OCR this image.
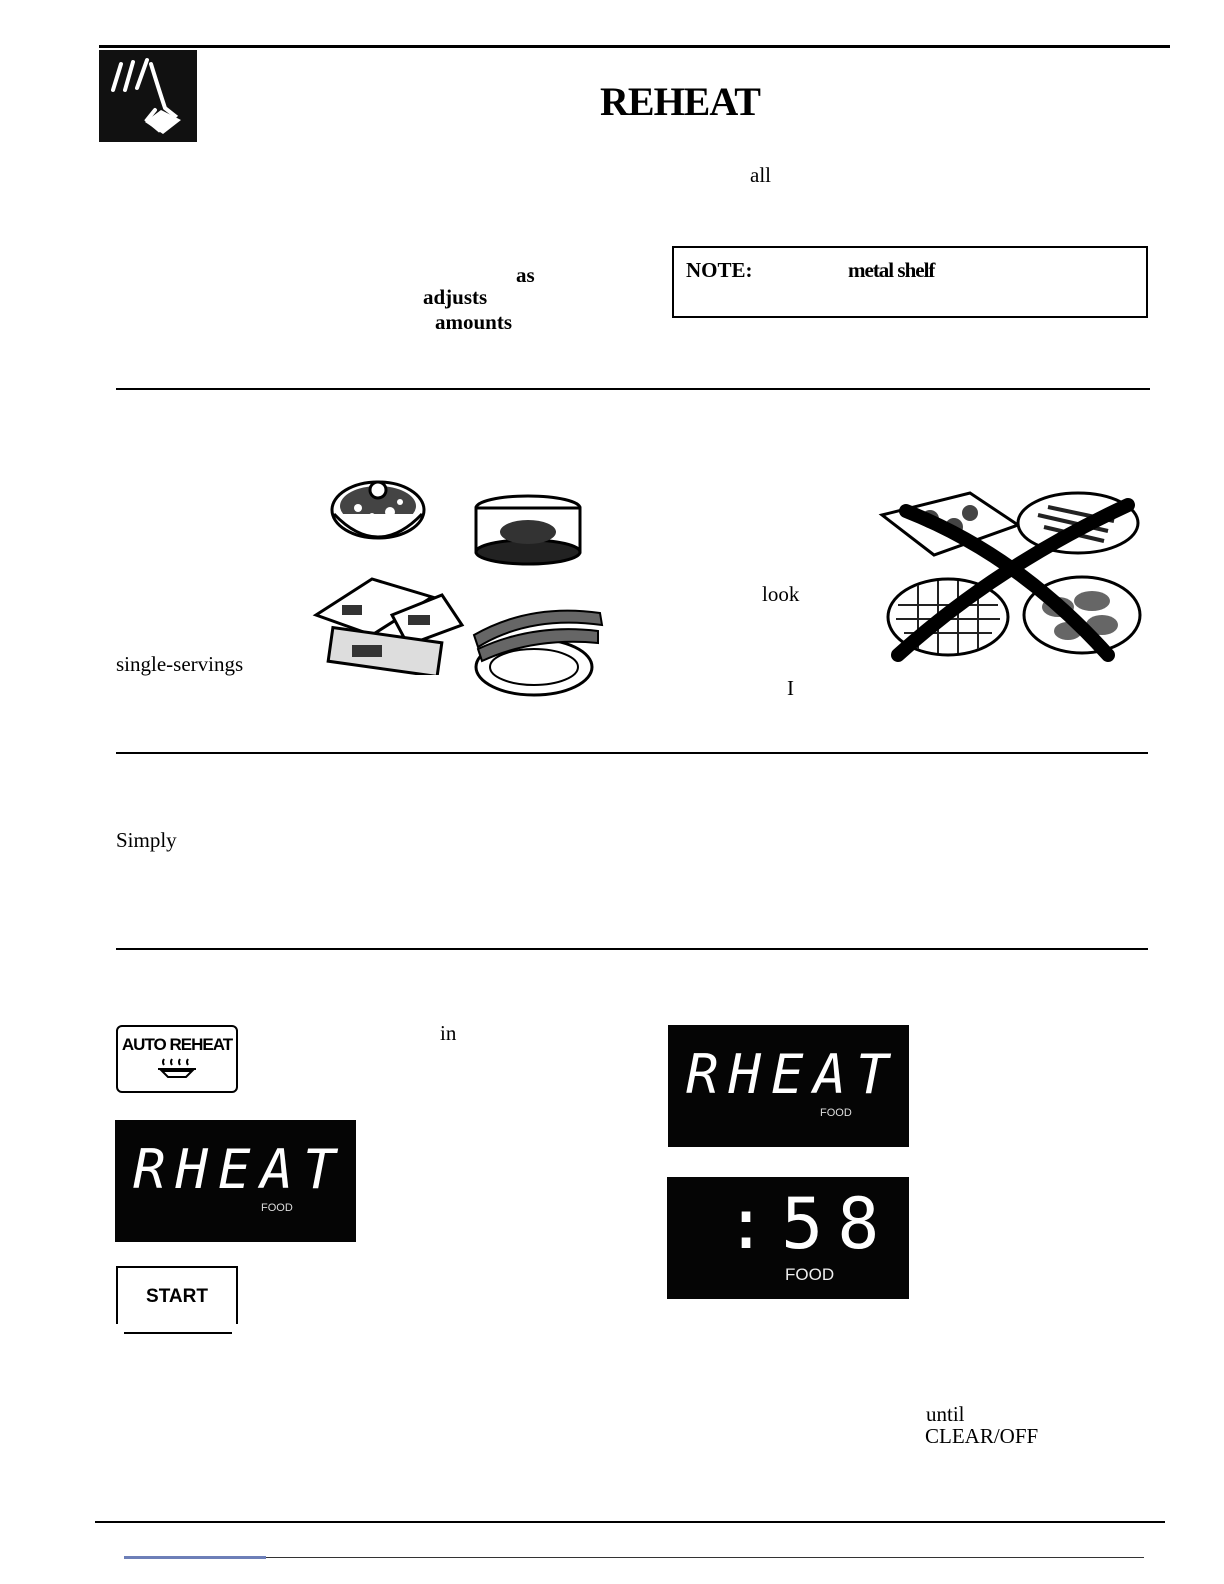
REHEAT
all
as
adjusts
amounts
NOTE:	metal shelf
single-servings
look
I
Simply
in
AUTO REHEAT
RHEAT
FOOD
START
RHEAT
FOOD
:58
FOOD
until
CLEAR/OFF
